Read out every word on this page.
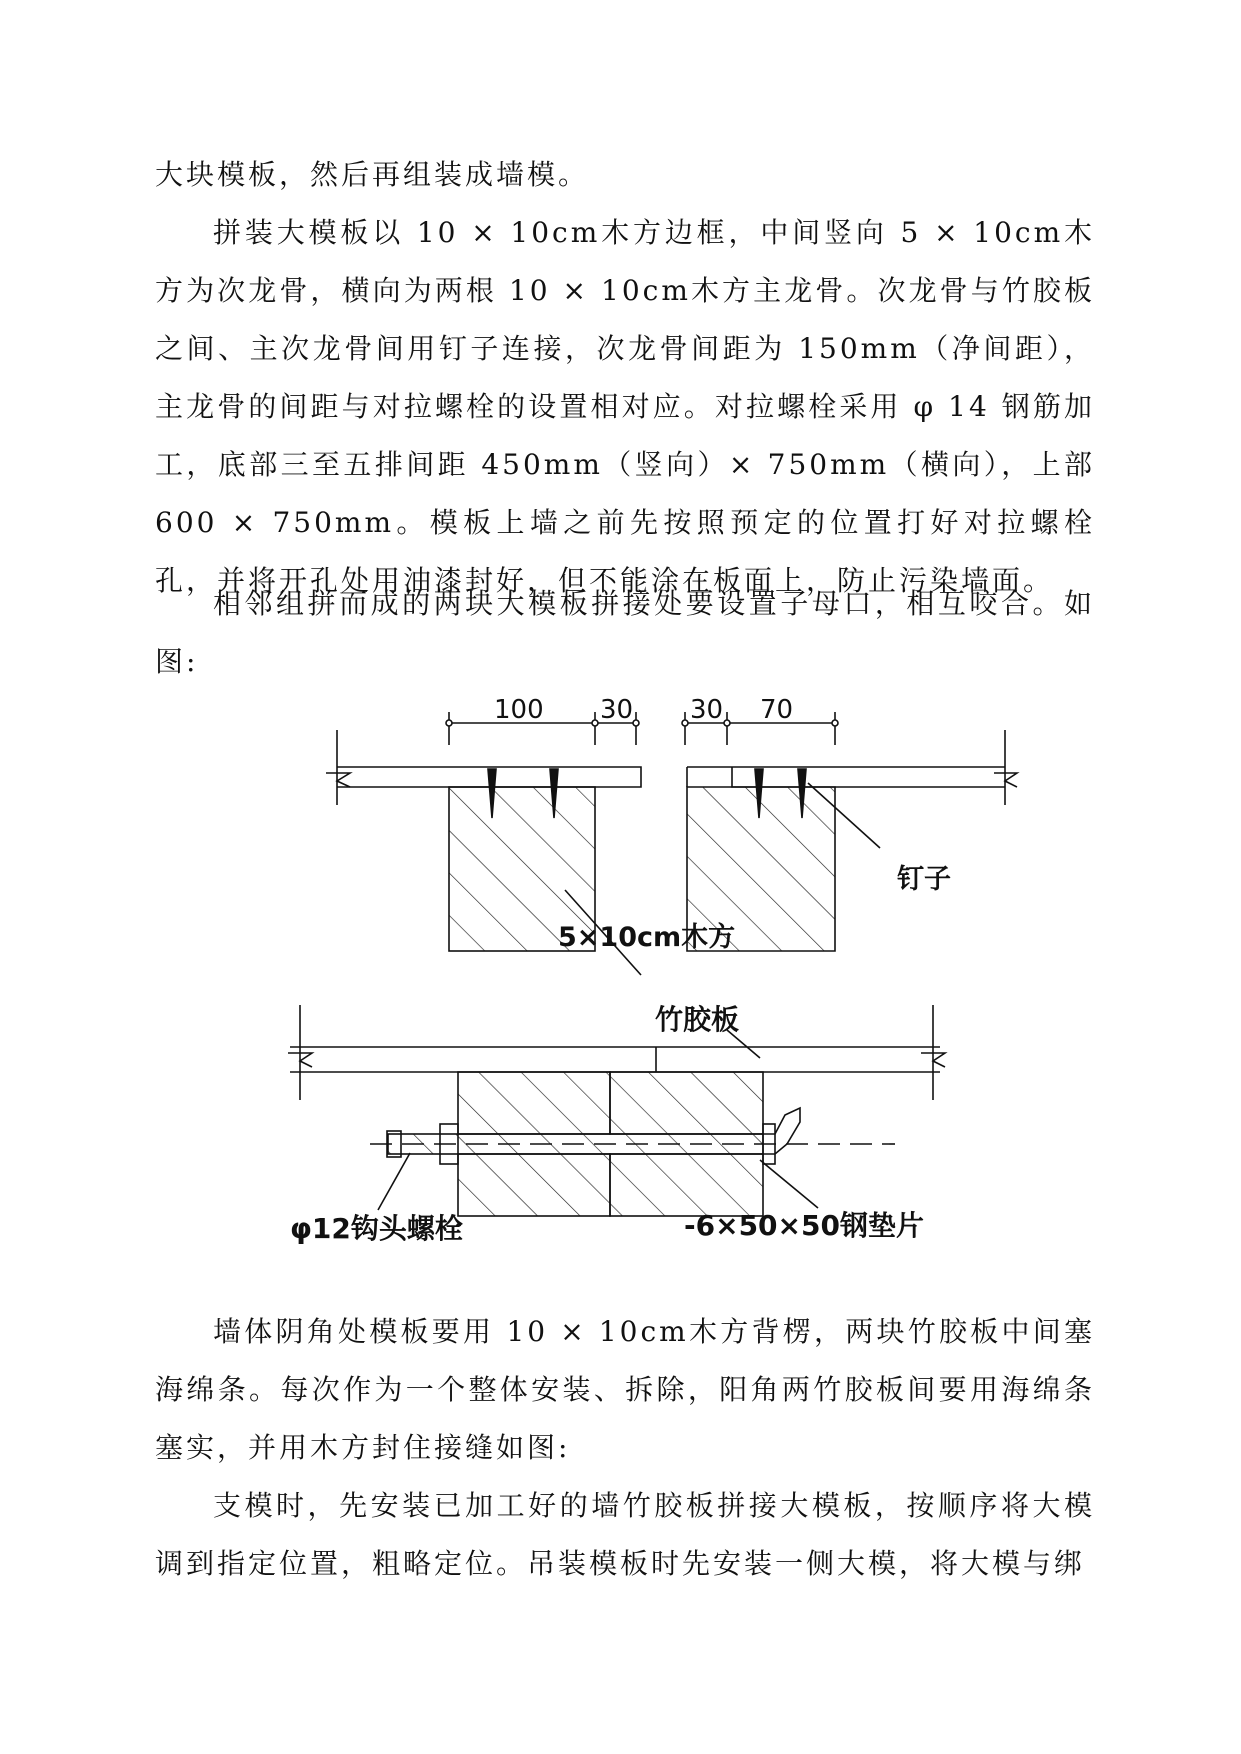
大块模板，然后再组装成墙模。

拼装大模板以 10 × 10cm木方边框，中间竖向 5 × 10cm木方为次龙骨，横向为两根 10 × 10cm木方主龙骨。次龙骨与竹胶板之间、主次龙骨间用钉子连接，次龙骨间距为 150mm（净间距），主龙骨的间距与对拉螺栓的设置相对应。对拉螺栓采用 φ 14 钢筋加工，底部三至五排间距 450mm（竖向）× 750mm（横向），上部 600 × 750mm。模板上墙之前先按照预定的位置打好对拉螺栓孔，并将开孔处用油漆封好，但不能涂在板面上，防止污染墙面。

相邻组拼而成的两块大模板拼接处要设置子母口，相互咬合。如图:

100 30 30 70
钉子
5×10cm木方
竹胶板
φ12钩头螺栓	-6×50×50钢垫片

墙体阴角处模板要用 10 × 10cm木方背楞，两块竹胶板中间塞海绵条。每次作为一个整体安装、拆除，阳角两竹胶板间要用海绵条塞实，并用木方封住接缝如图:

支模时，先安装已加工好的墙竹胶板拼接大模板，按顺序将大模调到指定位置，粗略定位。吊装模板时先安装一侧大模，将大模与绑
